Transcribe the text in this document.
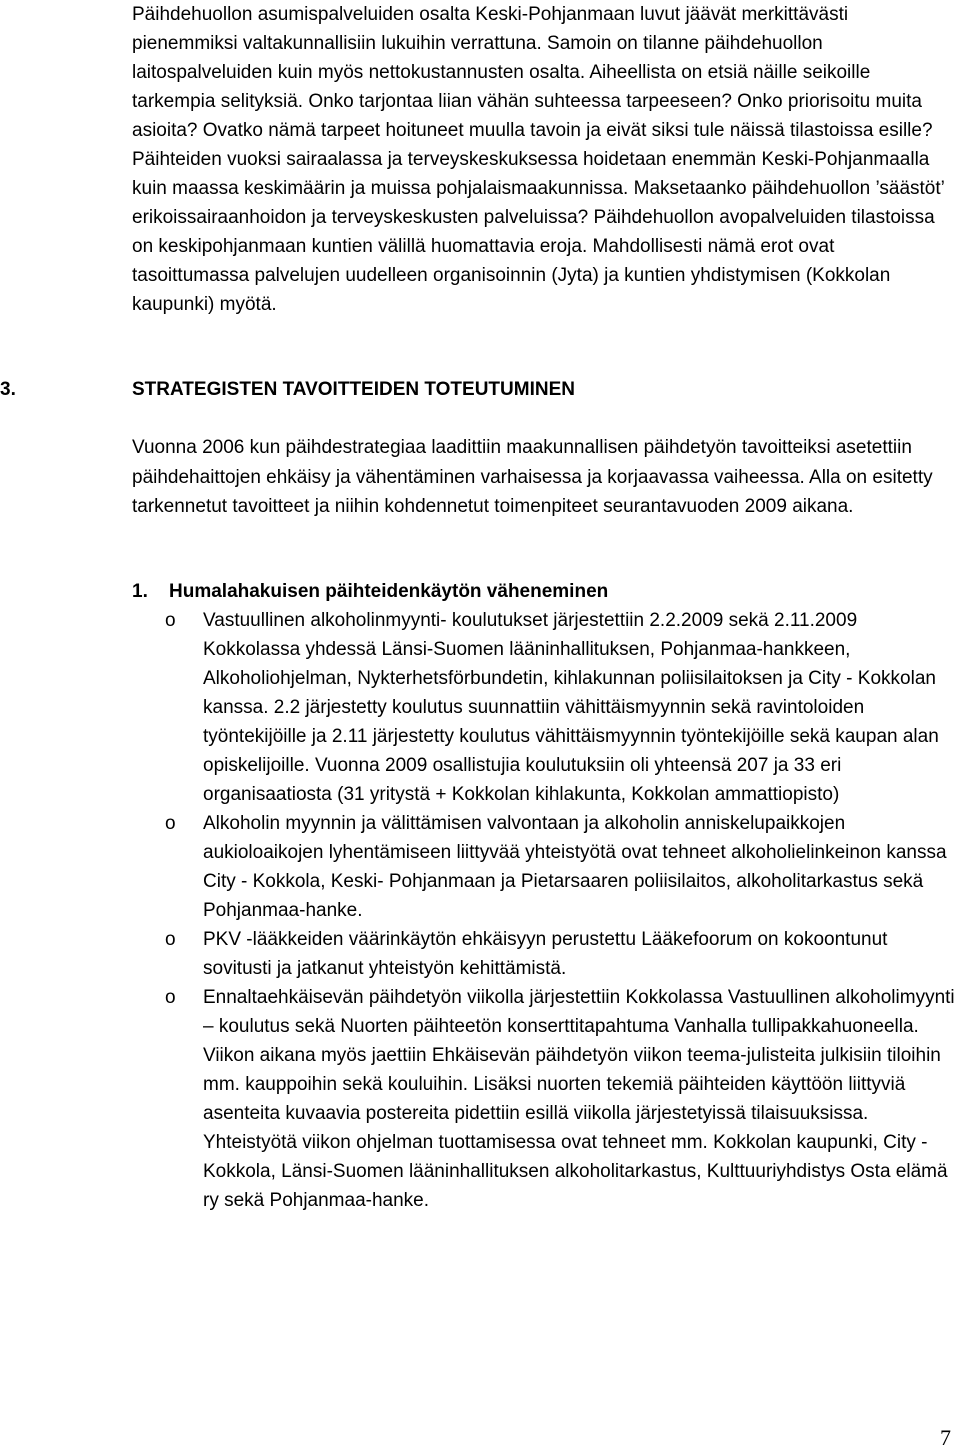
Päihdehuollon asumispalveluiden osalta Keski-Pohjanmaan luvut jäävät merkittävästi pienemmiksi valtakunnallisiin lukuihin verrattuna. Samoin on tilanne päihdehuollon laitospalveluiden kuin myös nettokustannusten osalta. Aiheellista on etsiä näille seikoille tarkempia selityksiä. Onko tarjontaa liian vähän suhteessa tarpeeseen? Onko priorisoitu muita asioita? Ovatko nämä tarpeet hoituneet muulla tavoin ja eivät siksi tule näissä tilastoissa esille? Päihteiden vuoksi sairaalassa ja terveyskeskuksessa hoidetaan enemmän Keski-Pohjanmaalla kuin maassa keskimäärin ja muissa pohjalaismaakunnissa. Maksetaanko päihdehuollon ’säästöt’ erikoissairaanhoidon ja terveyskeskusten palveluissa? Päihdehuollon avopalveluiden tilastoissa on keskipohjanmaan kuntien välillä huomattavia eroja. Mahdollisesti nämä erot ovat tasoittumassa palvelujen uudelleen organisoinnin (Jyta) ja kuntien yhdistymisen (Kokkolan kaupunki) myötä.

3.	STRATEGISTEN TAVOITTEIDEN TOTEUTUMINEN

Vuonna 2006 kun päihdestrategiaa laadittiin maakunnallisen päihdetyön tavoitteiksi asetettiin päihdehaittojen ehkäisy ja vähentäminen varhaisessa ja korjaavassa vaiheessa. Alla on esitetty tarkennetut tavoitteet ja niihin kohdennetut toimenpiteet seurantavuoden 2009 aikana.

1. Humalahakuisen päihteidenkäytön väheneminen
o Vastuullinen alkoholinmyynti- koulutukset järjestettiin 2.2.2009 sekä 2.11.2009 Kokkolassa yhdessä Länsi-Suomen lääninhallituksen, Pohjanmaa-hankkeen, Alkoholiohjelman, Nykterhetsförbundetin, kihlakunnan poliisilaitoksen ja City - Kokkolan kanssa. 2.2 järjestetty koulutus suunnattiin vähittäismyynnin sekä ravintoloiden työntekijöille ja 2.11 järjestetty koulutus vähittäismyynnin työntekijöille sekä kaupan alan opiskelijoille. Vuonna 2009 osallistujia koulutuksiin oli yhteensä 207 ja 33 eri organisaatiosta (31 yritystä + Kokkolan kihlakunta, Kokkolan ammattiopisto)

o Alkoholin myynnin ja välittämisen valvontaan ja alkoholin anniskelupaikkojen aukioloaikojen lyhentämiseen liittyvää yhteistyötä ovat tehneet alkoholielinkeinon kanssa City - Kokkola, Keski- Pohjanmaan ja Pietarsaaren poliisilaitos, alkoholitarkastus sekä Pohjanmaa-hanke.

o PKV -lääkkeiden väärinkäytön ehkäisyyn perustettu Lääkefoorum on kokoontunut sovitusti ja jatkanut yhteistyön kehittämistä.

o Ennaltaehkäisevän päihdetyön viikolla järjestettiin Kokkolassa Vastuullinen alkoholimyynti – koulutus sekä Nuorten päihteetön konserttitapahtuma Vanhalla tullipakkahuoneella. Viikon aikana myös jaettiin Ehkäisevän päihdetyön viikon teema-julisteita julkisiin tiloihin mm. kauppoihin sekä kouluihin. Lisäksi nuorten tekemiä päihteiden käyttöön liittyviä asenteita kuvaavia postereita pidettiin esillä viikolla järjestetyissä tilaisuuksissa. Yhteistyötä viikon ohjelman tuottamisessa ovat tehneet mm. Kokkolan kaupunki, City - Kokkola, Länsi-Suomen lääninhallituksen alkoholitarkastus, Kulttuuriyhdistys Osta elämä ry sekä Pohjanmaa-hanke.

7
